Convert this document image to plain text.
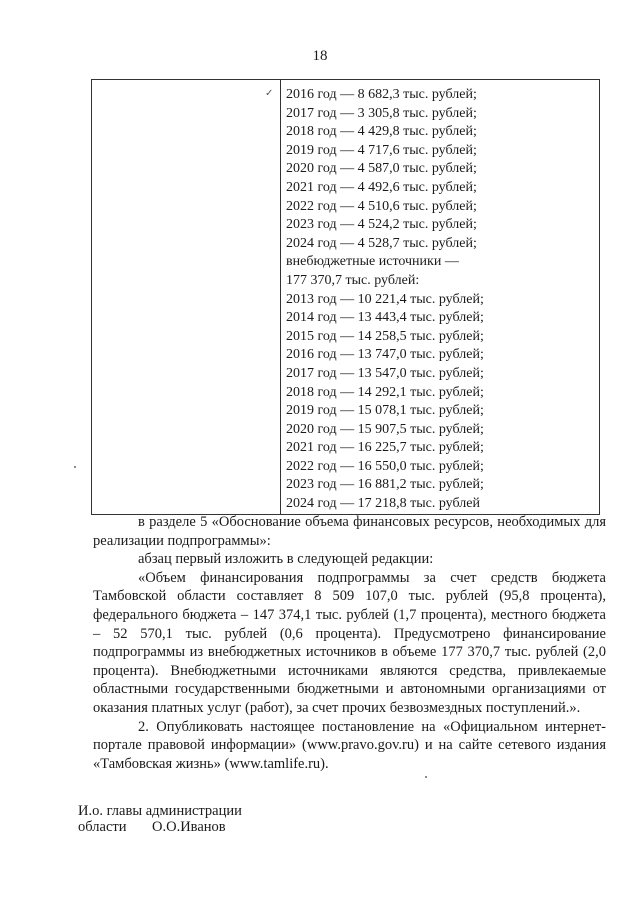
18
✓	2016 год — 8 682,3 тыс. рублей;
2017 год — 3 305,8 тыс. рублей;
2018 год — 4 429,8 тыс. рублей;
2019 год — 4 717,6 тыс. рублей;
2020 год — 4 587,0 тыс. рублей;
2021 год — 4 492,6 тыс. рублей;
2022 год — 4 510,6 тыс. рублей;
2023 год — 4 524,2 тыс. рублей;
2024 год — 4 528,7 тыс. рублей;
внебюджетные источники —
177 370,7 тыс. рублей:
2013 год — 10 221,4 тыс. рублей;
2014 год — 13 443,4 тыс. рублей;
2015 год — 14 258,5 тыс. рублей;
2016 год — 13 747,0 тыс. рублей;
2017 год — 13 547,0 тыс. рублей;
2018 год — 14 292,1 тыс. рублей;
2019 год — 15 078,1 тыс. рублей;
2020 год — 15 907,5 тыс. рублей;
2021 год — 16 225,7 тыс. рублей;
2022 год — 16 550,0 тыс. рублей;
2023 год — 16 881,2 тыс. рублей;
2024 год — 17 218,8 тыс. рублей

в разделе 5 «Обоснование объема финансовых ресурсов, необходимых для реализации подпрограммы»:

абзац первый изложить в следующей редакции:

«Объем финансирования подпрограммы за счет средств бюджета Тамбовской области составляет 8 509 107,0 тыс. рублей (95,8 процента), федерального бюджета – 147 374,1 тыс. рублей (1,7 процента), местного бюджета – 52 570,1 тыс. рублей (0,6 процента). Предусмотрено финансирование подпрограммы из внебюджетных источников в объеме 177 370,7 тыс. рублей (2,0 процента). Внебюджетными источниками являются средства, привлекаемые областными государственными бюджетными и автономными организациями от оказания платных услуг (работ), за счет прочих безвозмездных поступлений.».

2. Опубликовать настоящее постановление на «Официальном интернет-портале правовой информации» (www.pravo.gov.ru) и на сайте сетевого издания «Тамбовская жизнь» (www.tamlife.ru).

И.о. главы администрации
области О.О.Иванов
